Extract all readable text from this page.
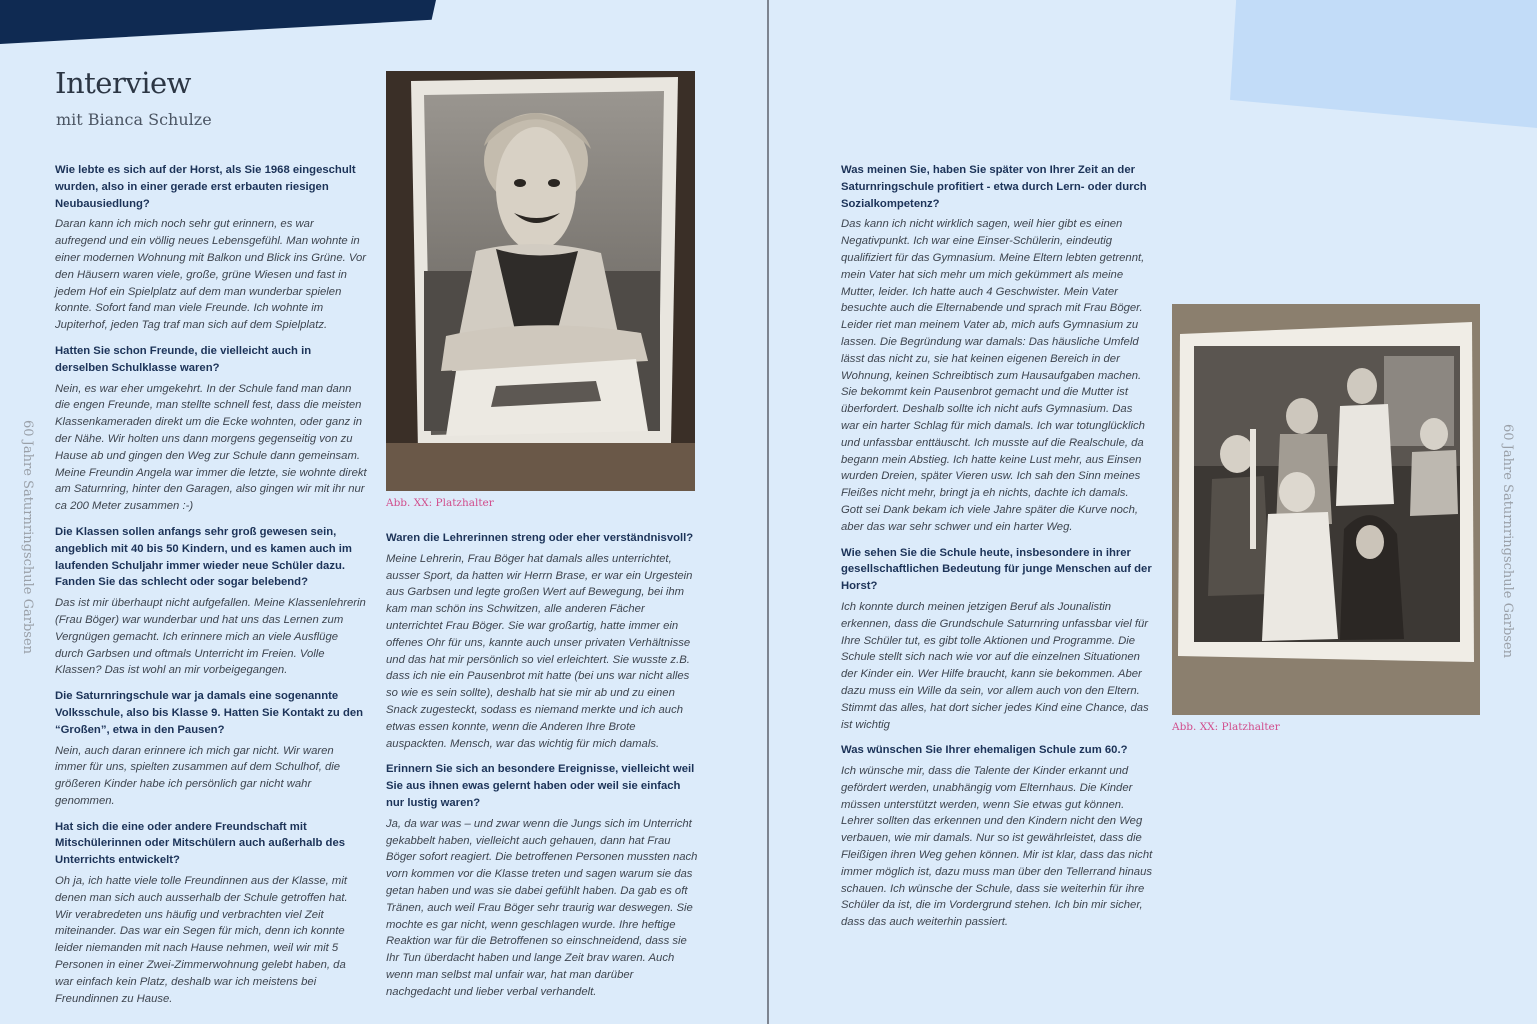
60 Jahre Saturnringschule Garbsen	60 Jahre Saturnringschule Garbsen
Interview
mit Bianca Schulze

Wie lebte es sich auf der Horst, als Sie 1968 eingeschult wurden, also in einer gerade erst erbauten riesigen Neubausiedlung?

Daran kann ich mich noch sehr gut erinnern, es war aufregend und ein völlig neues Lebensgefühl. Man wohnte in einer modernen Wohnung mit Balkon und Blick ins Grüne. Vor den Häusern waren viele, große, grüne Wiesen und fast in jedem Hof ein Spielplatz auf dem man wunderbar spielen konnte. Sofort fand man viele Freunde. Ich wohnte im Jupiterhof, jeden Tag traf man sich auf dem Spielplatz.

Hatten Sie schon Freunde, die vielleicht auch in derselben Schulklasse waren?

Nein, es war eher umgekehrt. In der Schule fand man dann die engen Freunde, man stellte schnell fest, dass die meisten Klassenkameraden direkt um die Ecke wohnten, oder ganz in der Nähe. Wir holten uns dann morgens gegenseitig von zu Hause ab und gingen den Weg zur Schule dann gemeinsam. Meine Freundin Angela war immer die letzte, sie wohnte direkt am Saturnring, hinter den Garagen, also gingen wir mit ihr nur ca 200 Meter zusammen :-)

Die Klassen sollen anfangs sehr groß gewesen sein, angeblich mit 40 bis 50 Kindern, und es kamen auch im laufenden Schuljahr immer wieder neue Schüler dazu. Fanden Sie das schlecht oder sogar belebend?

Das ist mir überhaupt nicht aufgefallen. Meine Klassenlehrerin (Frau Böger) war wunderbar und hat uns das Lernen zum Vergnügen gemacht. Ich erinnere mich an viele Ausflüge durch Garbsen und oftmals Unterricht im Freien. Volle Klassen? Das ist wohl an mir vorbeigegangen.

Die Saturnringschule war ja damals eine sogenannte Volksschule, also bis Klasse 9. Hatten Sie Kontakt zu den “Großen”, etwa in den Pausen?

Nein, auch daran erinnere ich mich gar nicht. Wir waren immer für uns, spielten zusammen auf dem Schulhof, die größeren Kinder habe ich persönlich gar nicht wahr genommen.

Hat sich die eine oder andere Freundschaft mit Mitschülerinnen oder Mitschülern auch außerhalb des Unterrichts entwickelt?

Oh ja, ich hatte viele tolle Freundinnen aus der Klasse, mit denen man sich auch ausserhalb der Schule getroffen hat. Wir verabredeten uns häufig und verbrachten viel Zeit miteinander. Das war ein Segen für mich, denn ich konnte leider niemanden mit nach Hause nehmen, weil wir mit 5 Personen in einer Zwei-Zimmerwohnung gelebt haben, da war einfach kein Platz, deshalb war ich meistens bei Freundinnen zu Hause.

Abb. XX: Platzhalter

Waren die Lehrerinnen streng oder eher verständnisvoll?

Meine Lehrerin, Frau Böger hat damals alles unterrichtet, ausser Sport, da hatten wir Herrn Brase, er war ein Urgestein aus Garbsen und legte großen Wert auf Bewegung, bei ihm kam man schön ins Schwitzen, alle anderen Fächer unterrichtet Frau Böger. Sie war großartig, hatte immer ein offenes Ohr für uns, kannte auch unser privaten Verhältnisse und das hat mir persönlich so viel erleichtert. Sie wusste z.B. dass ich nie ein Pausenbrot mit hatte (bei uns war nicht alles so wie es sein sollte), deshalb hat sie mir ab und zu einen Snack zugesteckt, sodass es niemand merkte und ich auch etwas essen konnte, wenn die Anderen Ihre Brote auspackten. Mensch, war das wichtig für mich damals.

Erinnern Sie sich an besondere Ereignisse, vielleicht weil Sie aus ihnen ewas gelernt haben oder weil sie einfach nur lustig waren?

Ja, da war was – und zwar wenn die Jungs sich im Unterricht gekabbelt haben, vielleicht auch gehauen, dann hat Frau Böger sofort reagiert. Die betroffenen Personen mussten nach vorn kommen vor die Klasse treten und sagen warum sie das getan haben und was sie dabei gefühlt haben. Da gab es oft Tränen, auch weil Frau Böger sehr traurig war deswegen. Sie mochte es gar nicht, wenn geschlagen wurde. Ihre heftige Reaktion war für die Betroffenen so einschneidend, dass sie Ihr Tun überdacht haben und lange Zeit brav waren. Auch wenn man selbst mal unfair war, hat man darüber nachgedacht und lieber verbal verhandelt.

Was meinen Sie, haben Sie später von Ihrer Zeit an der Saturnringschule profitiert - etwa durch Lern- oder durch Sozialkompetenz?

Das kann ich nicht wirklich sagen, weil hier gibt es einen Negativpunkt. Ich war eine Einser-Schülerin, eindeutig qualifiziert für das Gymnasium. Meine Eltern lebten getrennt, mein Vater hat sich mehr um mich gekümmert als meine Mutter, leider. Ich hatte auch 4 Geschwister. Mein Vater besuchte auch die Elternabende und sprach mit Frau Böger. Leider riet man meinem Vater ab, mich aufs Gymnasium zu lassen. Die Begründung war damals: Das häusliche Umfeld lässt das nicht zu, sie hat keinen eigenen Bereich in der Wohnung, keinen Schreibtisch zum Hausaufgaben machen. Sie bekommt kein Pausenbrot gemacht und die Mutter ist überfordert. Deshalb sollte ich nicht aufs Gymnasium. Das war ein harter Schlag für mich damals. Ich war totunglücklich und unfassbar enttäuscht. Ich musste auf die Realschule, da begann mein Abstieg. Ich hatte keine Lust mehr, aus Einsen wurden Dreien, später Vieren usw. Ich sah den Sinn meines Fleißes nicht mehr, bringt ja eh nichts, dachte ich damals. Gott sei Dank bekam ich viele Jahre später die Kurve noch, aber das war sehr schwer und ein harter Weg.

Wie sehen Sie die Schule heute, insbesondere in ihrer gesellschaftlichen Bedeutung für junge Menschen auf der Horst?

Ich konnte durch meinen jetzigen Beruf als Jounalistin erkennen, dass die Grundschule Saturnring unfassbar viel für Ihre Schüler tut, es gibt tolle Aktionen und Programme. Die Schule stellt sich nach wie vor auf die einzelnen Situationen der Kinder ein. Wer Hilfe braucht, kann sie bekommen. Aber dazu muss ein Wille da sein, vor allem auch von den Eltern. Stimmt das alles, hat dort sicher jedes Kind eine Chance, das ist wichtig

Was wünschen Sie Ihrer ehemaligen Schule zum 60.?

Ich wünsche mir, dass die Talente der Kinder erkannt und gefördert werden, unabhängig vom Elternhaus. Die Kinder müssen unterstützt werden, wenn Sie etwas gut können. Lehrer sollten das erkennen und den Kindern nicht den Weg verbauen, wie mir damals. Nur so ist gewährleistet, dass die Fleißigen ihren Weg gehen können. Mir ist klar, dass das nicht immer möglich ist, dazu muss man über den Tellerrand hinaus schauen. Ich wünsche der Schule, dass sie weiterhin für ihre Schüler da ist, die im Vordergrund stehen. Ich bin mir sicher, dass das auch weiterhin passiert.

Abb. XX: Platzhalter
